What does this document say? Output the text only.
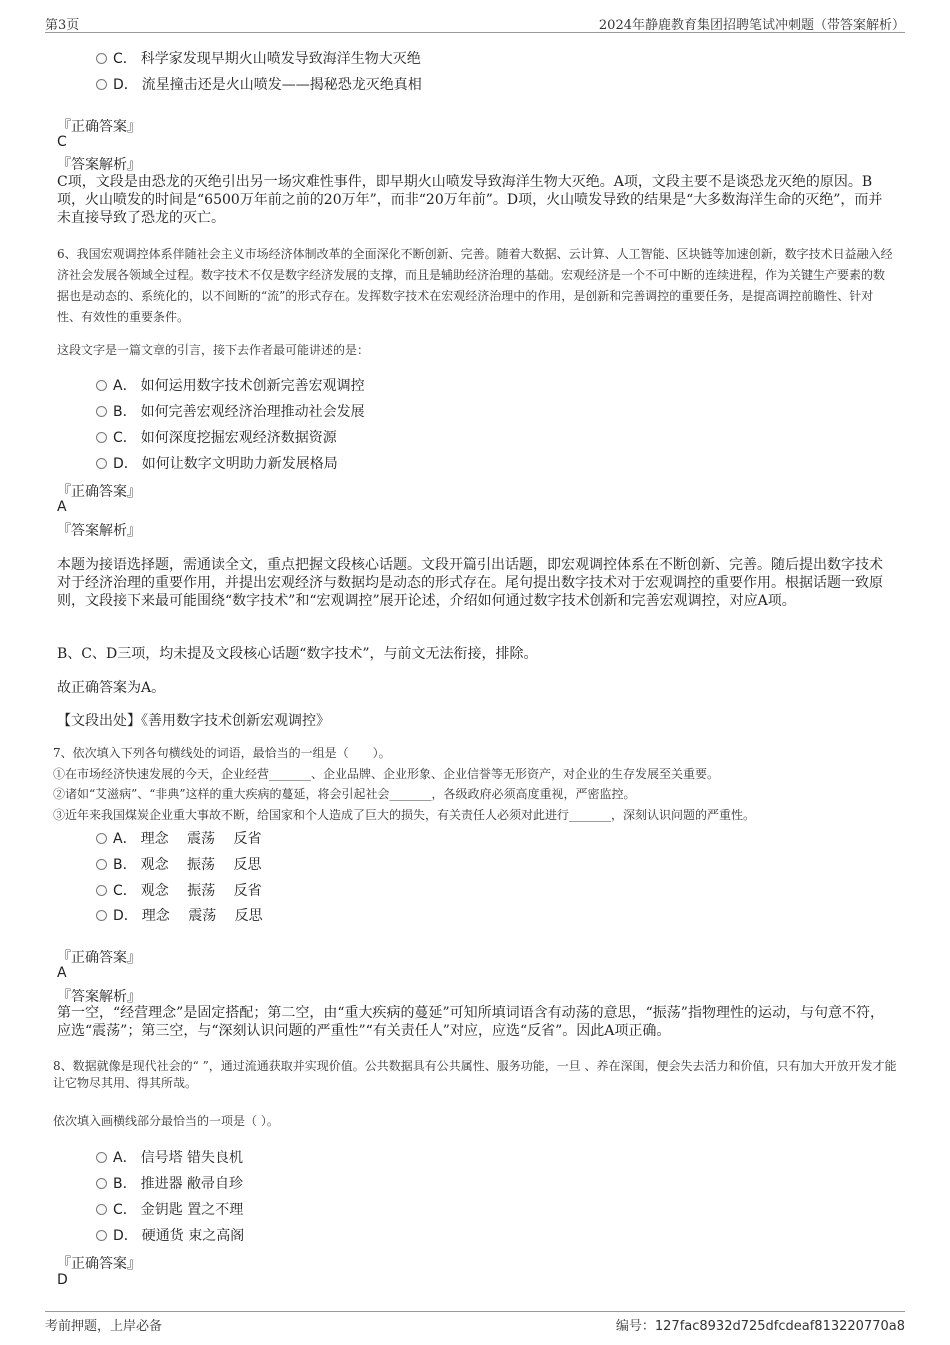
第3页	2024年静鹿教育集团招聘笔试冲刺题（带答案解析）
C． 科学家发现早期火山喷发导致海洋生物大灭绝
D． 流星撞击还是火山喷发——揭秘恐龙灭绝真相
『正确答案』
C
『答案解析』
C项，文段是由恐龙的灭绝引出另一场灾难性事件，即早期火山喷发导致海洋生物大灭绝。A项，文段主要不是谈恐龙灭绝的原因。B项，火山喷发的时间是“6500万年前之前的20万年”，而非“20万年前”。D项，火山喷发导致的结果是“大多数海洋生命的灭绝”，而并未直接导致了恐龙的灭亡。
6、我国宏观调控体系伴随社会主义市场经济体制改革的全面深化不断创新、完善。随着大数据、云计算、人工智能、区块链等加速创新，数字技术日益融入经济社会发展各领域全过程。数字技术不仅是数字经济发展的支撑，而且是辅助经济治理的基础。宏观经济是一个不可中断的连续进程，作为关键生产要素的数据也是动态的、系统化的，以不间断的“流”的形式存在。发挥数字技术在宏观经济治理中的作用，是创新和完善调控的重要任务，是提高调控前瞻性、针对性、有效性的重要条件。
这段文字是一篇文章的引言，接下去作者最可能讲述的是：
A． 如何运用数字技术创新完善宏观调控
B． 如何完善宏观经济治理推动社会发展
C． 如何深度挖掘宏观经济数据资源
D． 如何让数字文明助力新发展格局
『正确答案』
A
『答案解析』
本题为接语选择题，需通读全文，重点把握文段核心话题。文段开篇引出话题，即宏观调控体系在不断创新、完善。随后提出数字技术对于经济治理的重要作用，并提出宏观经济与数据均是动态的形式存在。尾句提出数字技术对于宏观调控的重要作用。根据话题一致原则，文段接下来最可能围绕“数字技术”和“宏观调控”展开论述，介绍如何通过数字技术创新和完善宏观调控，对应A项。
B、C、D三项，均未提及文段核心话题“数字技术”，与前文无法衔接，排除。
故正确答案为A。
【文段出处】《善用数字技术创新宏观调控》
7、依次填入下列各句横线处的词语，最恰当的一组是（　　）。
①在市场经济快速发展的今天，企业经营_______、企业品牌、企业形象、企业信誉等无形资产，对企业的生存发展至关重要。
②诸如“艾滋病”、“非典”这样的重大疾病的蔓延，将会引起社会_______，各级政府必须高度重视，严密监控。
③近年来我国煤炭企业重大事故不断，给国家和个人造成了巨大的损失，有关责任人必须对此进行_______，深刻认识问题的严重性。
A． 理念　 震荡　 反省
B． 观念　 振荡　 反思
C． 观念　 振荡　 反省
D． 理念　 震荡　 反思
『正确答案』
A
『答案解析』
第一空，“经营理念”是固定搭配；第二空，由“重大疾病的蔓延”可知所填词语含有动荡的意思，“振荡”指物理性的运动，与句意不符，应选“震荡”；第三空，与“深刻认识问题的严重性”“有关责任人”对应，应选“反省”。因此A项正确。
8、数据就像是现代社会的“ ”，通过流通获取并实现价值。公共数据具有公共属性、服务功能，一旦 、养在深闺，便会失去活力和价值，只有加大开放开发才能让它物尽其用、得其所哉。
依次填入画横线部分最恰当的一项是（ ）。
A． 信号塔 错失良机
B． 推进器 敝帚自珍
C． 金钥匙 置之不理
D． 硬通货 束之高阁
『正确答案』
D
考前押题，上岸必备	编号：127fac8932d725dfcdeaf813220770a8
